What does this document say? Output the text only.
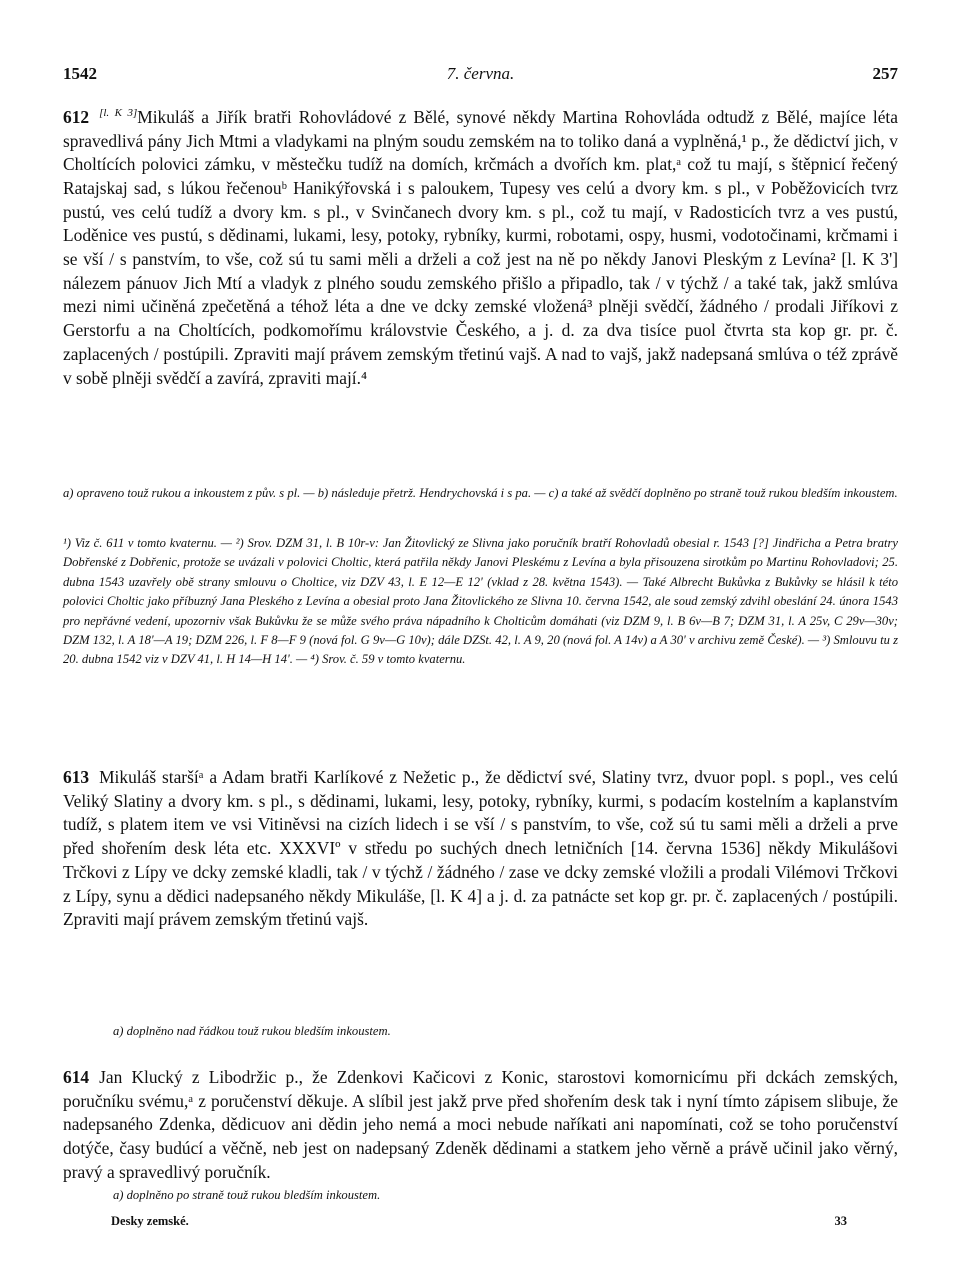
1542	7. června.	257
612 [l. K 3]Mikuláš a Jiřík bratři Rohovládové z Bělé, synové někdy Martina Rohovláda odtudž z Bělé, majíce léta spravedlivá pány Jich Mtmi a vladykami na plným soudu zemském na to toliko daná a vyplněná,¹ p., že dědictví jich, v Choltících polovici zámku, v městečku tudíž na domích, krčmách a dvořích km. plat,ᵃ což tu mají, s štěpnicí řečený Ratajskaj sad, s lúkou řečenouᵇ Hanikýřovská i s paloukem, Tupesy ves celú a dvory km. s pl., v Poběžovicích tvrz pustú, ves celú tudíž a dvory km. s pl., v Svinčanech dvory km. s pl., což tu mají, v Radosticích tvrz a ves pustú, Loděnice ves pustú, s dědinami, lukami, lesy, potoky, rybníky, kurmi, robotami, ospy, husmi, vodotočinami, krčmami i se vší / s panstvím, to vše, což sú tu sami měli a drželi a což jest na ně po někdy Janovi Pleským z Levína² [l. K 3'] nálezem pánuov Jich Mtí a vladyk z plného soudu zemského přišlo a připadlo, tak / v týchž / a také tak, jakž smlúva mezi nimi učiněná zpečetěná a téhož léta a dne ve dcky zemské vložená³ plněji svědčí, žádného / prodali Jiříkovi z Gerstorfu a na Choltících, podkomořímu královstvie Českého, a j. d. za dva tisíce puol čtvrta sta kop gr. pr. č. zaplacených / postúpili. Zpraviti mají právem zemským třetinú vajš. A nad to vajš, jakž nadepsaná smlúva o též zprávě v sobě plněji svědčí a zavírá, zpraviti mají.⁴
a) opraveno touž rukou a inkoustem z pův. s pl. — b) následuje přetrž. Hendrychovská i s pa. — c) a také až svědčí doplněno po straně touž rukou bledším inkoustem.
¹) Viz č. 611 v tomto kvaternu. — ²) Srov. DZM 31, l. B 10r-v: Jan Žitovlický ze Slivna jako poručník bratří Rohovladů obesial r. 1543 [?] Jindřicha a Petra bratry Dobřenské z Dobřenic, protože se uvázali v polovici Choltic, která patřila někdy Janovi Pleskému z Levína a byla přisouzena sirotkům po Martinu Rohovladovi; 25. dubna 1543 uzavřely obě strany smlouvu o Choltice, viz DZV 43, l. E 12—E 12' (vklad z 28. května 1543). — Také Albrecht Bukůvka z Bukůvky se hlásil k této polovici Choltic jako příbuzný Jana Pleského z Levína a obesial proto Jana Žitovlického ze Slivna 10. června 1542, ale soud zemský zdvihl obeslání 24. února 1543 pro nepřávné vedení, upozorniv však Bukůvku že se může svého práva nápadního k Cholticům domáhati (viz DZM 9, l. B 6v—B 7; DZM 31, l. A 25v, C 29v—30v; DZM 132, l. A 18'—A 19; DZM 226, l. F 8—F 9 (nová fol. G 9v—G 10v); dále DZSt. 42, l. A 9, 20 (nová fol. A 14v) a A 30' v archivu země České). — ³) Smlouvu tu z 20. dubna 1542 viz v DZV 41, l. H 14—H 14'. — ⁴) Srov. č. 59 v tomto kvaternu.
613 Mikuláš staršíᵃ a Adam bratři Karlíkové z Nežetic p., že dědictví své, Slatiny tvrz, dvuor popl. s popl., ves celú Veliký Slatiny a dvory km. s pl., s dědinami, lukami, lesy, potoky, rybníky, kurmi, s podacím kostelním a kaplanstvím tudíž, s platem item ve vsi Vitiněvsi na cizích lidech i se vší / s panstvím, to vše, což sú tu sami měli a drželi a prve před shořením desk léta etc. XXXVIº v středu po suchých dnech letničních [14. června 1536] někdy Mikulášovi Trčkovi z Lípy ve dcky zemské kladli, tak / v týchž / žádného / zase ve dcky zemské vložili a prodali Vilémovi Trčkovi z Lípy, synu a dědici nadepsaného někdy Mikuláše, [l. K 4] a j. d. za patnácte set kop gr. pr. č. zaplacených / postúpili. Zpraviti mají právem zemským třetinú vajš.
a) doplněno nad řádkou touž rukou bledším inkoustem.
614 Jan Klucký z Libodržic p., že Zdenkovi Kačicovi z Konic, starostovi komornicímu při dckách zemských, poručníku svému,ᵃ z poručenství děkuje. A slíbil jest jakž prve před shořením desk tak i nyní tímto zápisem slibuje, že nadepsaného Zdenka, dědicuov ani dědin jeho nemá a moci nebude naříkati ani napomínati, což se toho poručenství dotýče, časy budúcí a věčně, neb jest on nadepsaný Zdeněk dědinami a statkem jeho věrně a právě učinil jako věrný, pravý a spravedlivý poručník.
a) doplněno po straně touž rukou bledším inkoustem.
Desky zemské.	33
